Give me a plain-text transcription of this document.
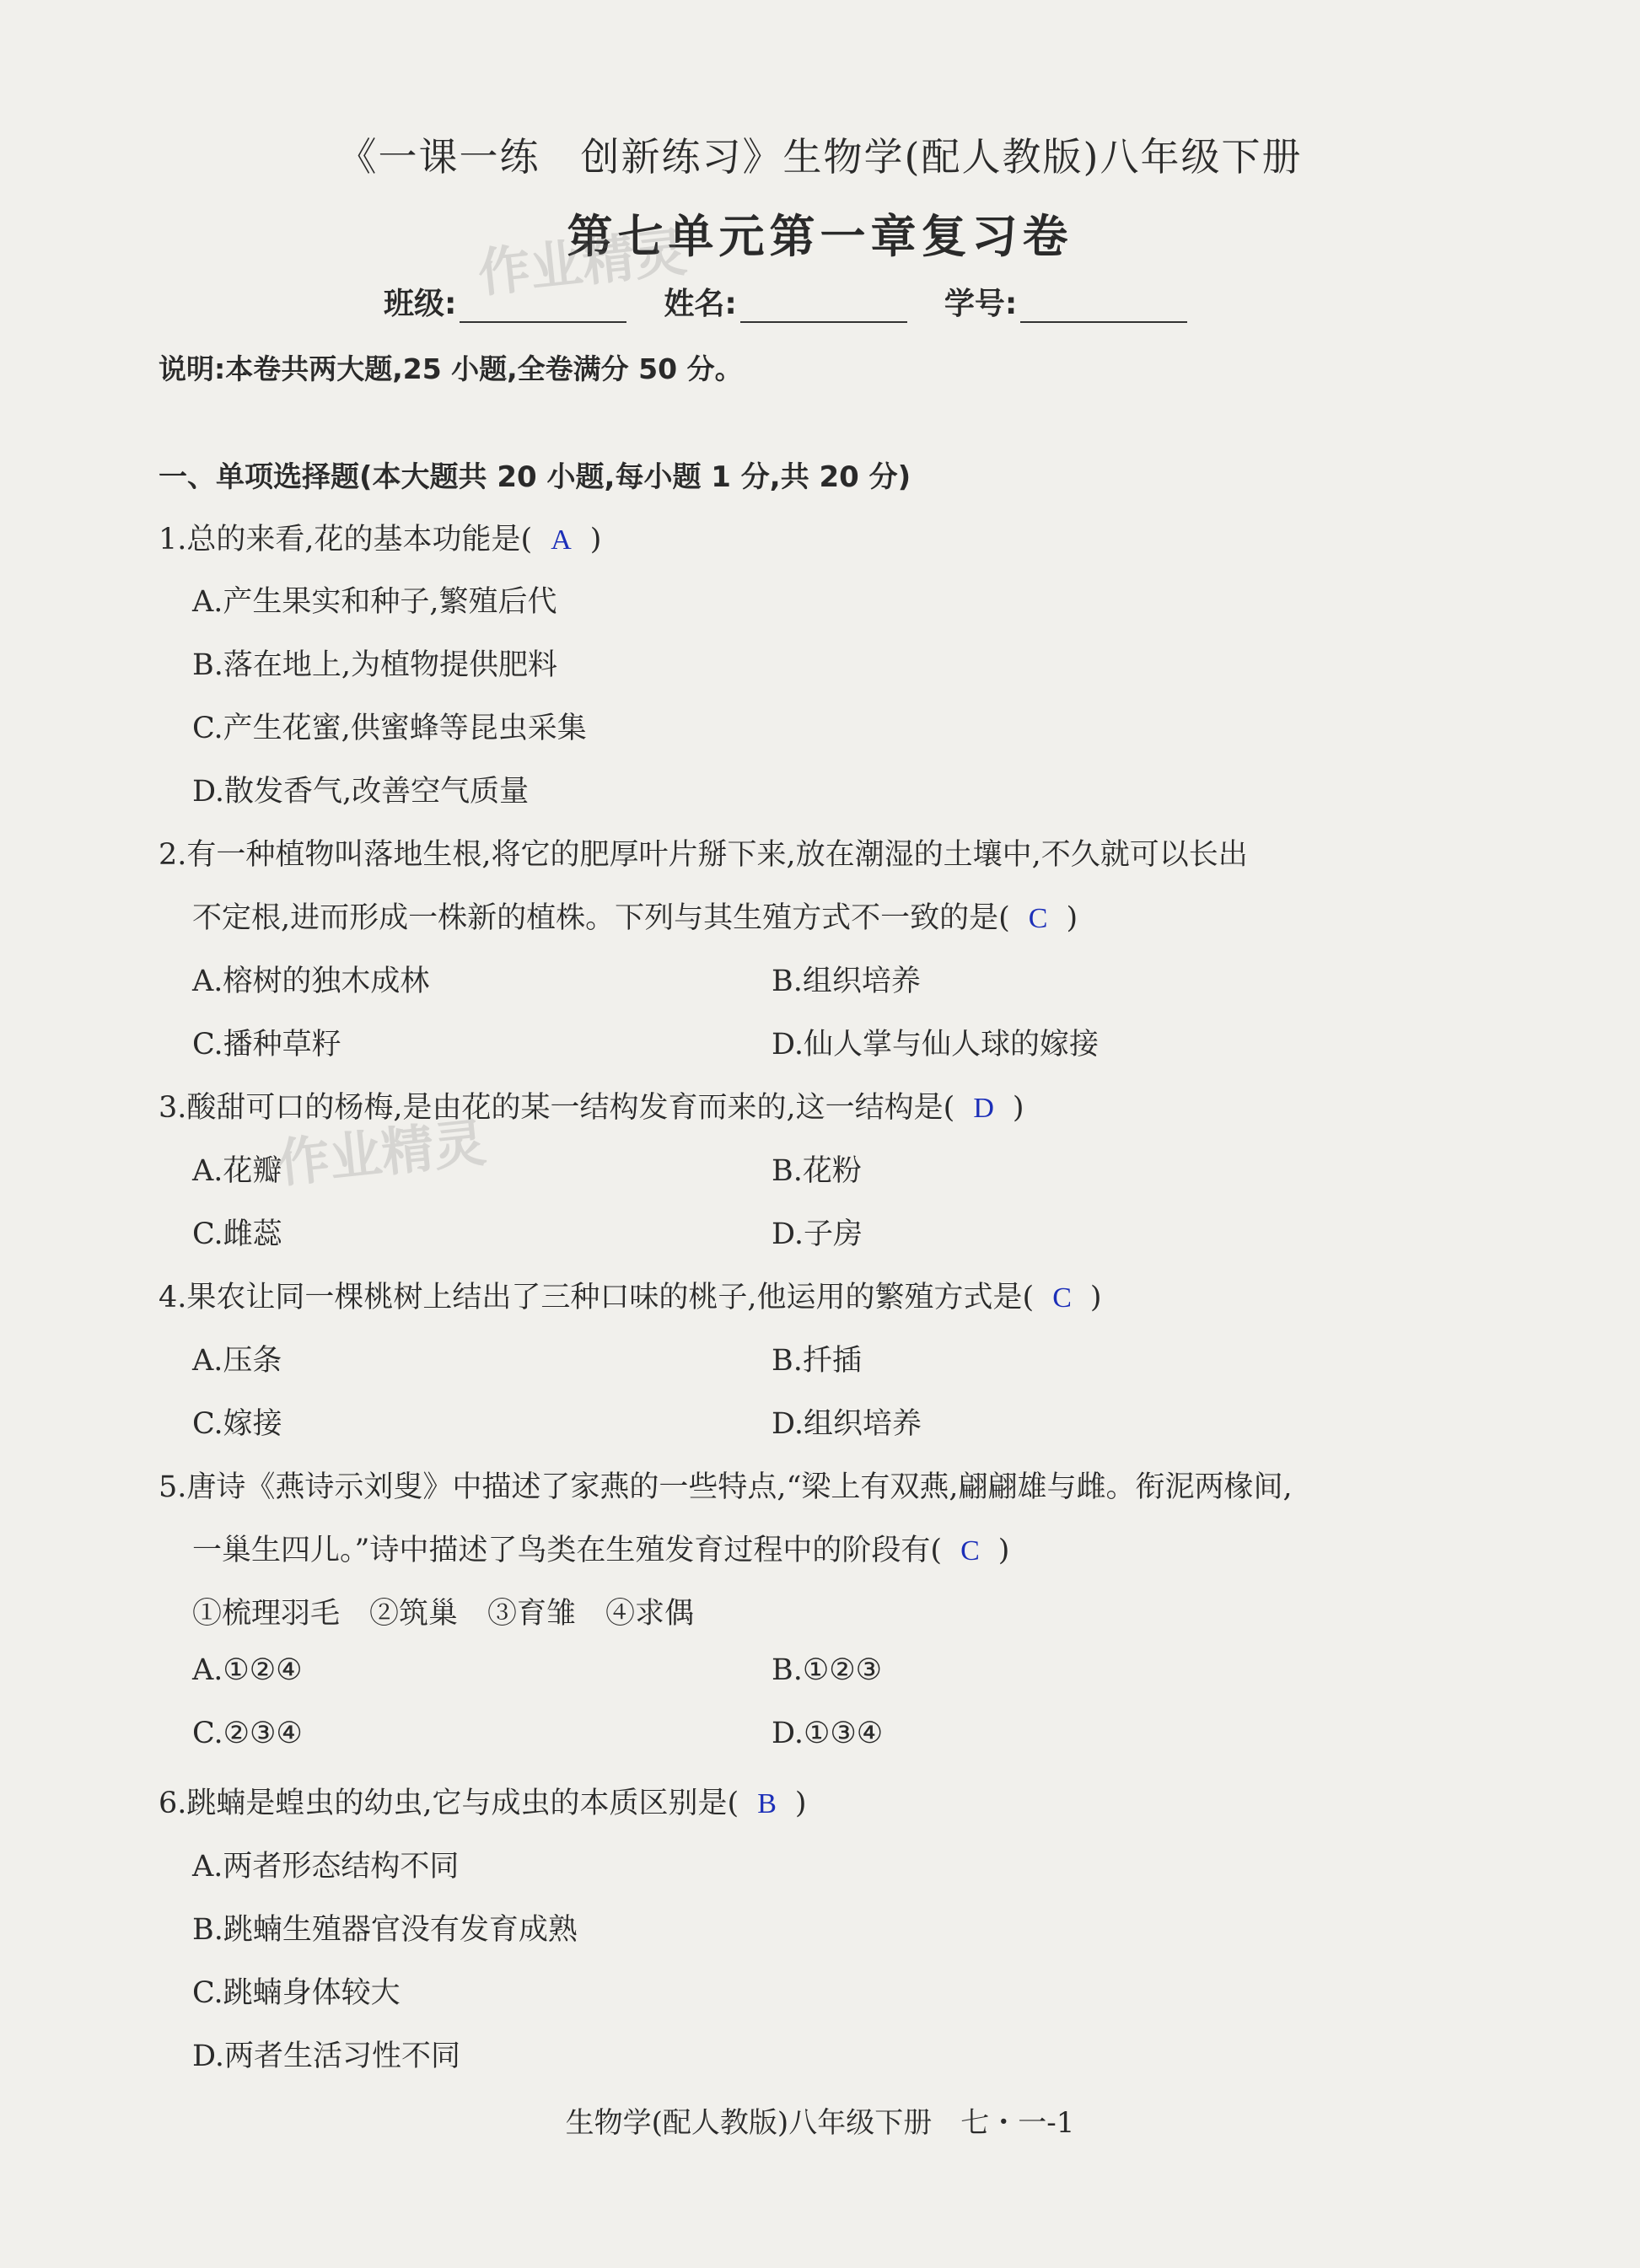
《一课一练　创新练习》生物学(配人教版)八年级下册
第七单元第一章复习卷
作业精灵
作业精灵
班级:	姓名:	学号:
说明:本卷共两大题,25 小题,全卷满分 50 分。
一、单项选择题(本大题共 20 小题,每小题 1 分,共 20 分)
1.总的来看,花的基本功能是( A )
A.产生果实和种子,繁殖后代
B.落在地上,为植物提供肥料
C.产生花蜜,供蜜蜂等昆虫采集
D.散发香气,改善空气质量
2.有一种植物叫落地生根,将它的肥厚叶片掰下来,放在潮湿的土壤中,不久就可以长出
不定根,进而形成一株新的植株。下列与其生殖方式不一致的是( C )
A.榕树的独木成林	B.组织培养
C.播种草籽	D.仙人掌与仙人球的嫁接
3.酸甜可口的杨梅,是由花的某一结构发育而来的,这一结构是( D )
A.花瓣	B.花粉
C.雌蕊	D.子房
4.果农让同一棵桃树上结出了三种口味的桃子,他运用的繁殖方式是( C )
A.压条	B.扦插
C.嫁接	D.组织培养
5.唐诗《燕诗示刘叟》中描述了家燕的一些特点,“梁上有双燕,翩翩雄与雌。衔泥两椽间,
一巢生四儿。”诗中描述了鸟类在生殖发育过程中的阶段有( C )
①梳理羽毛　②筑巢　③育雏　④求偶
A.①②④	B.①②③
C.②③④	D.①③④
6.跳蝻是蝗虫的幼虫,它与成虫的本质区别是( B )
A.两者形态结构不同
B.跳蝻生殖器官没有发育成熟
C.跳蝻身体较大
D.两者生活习性不同
生物学(配人教版)八年级下册　七・一-1
